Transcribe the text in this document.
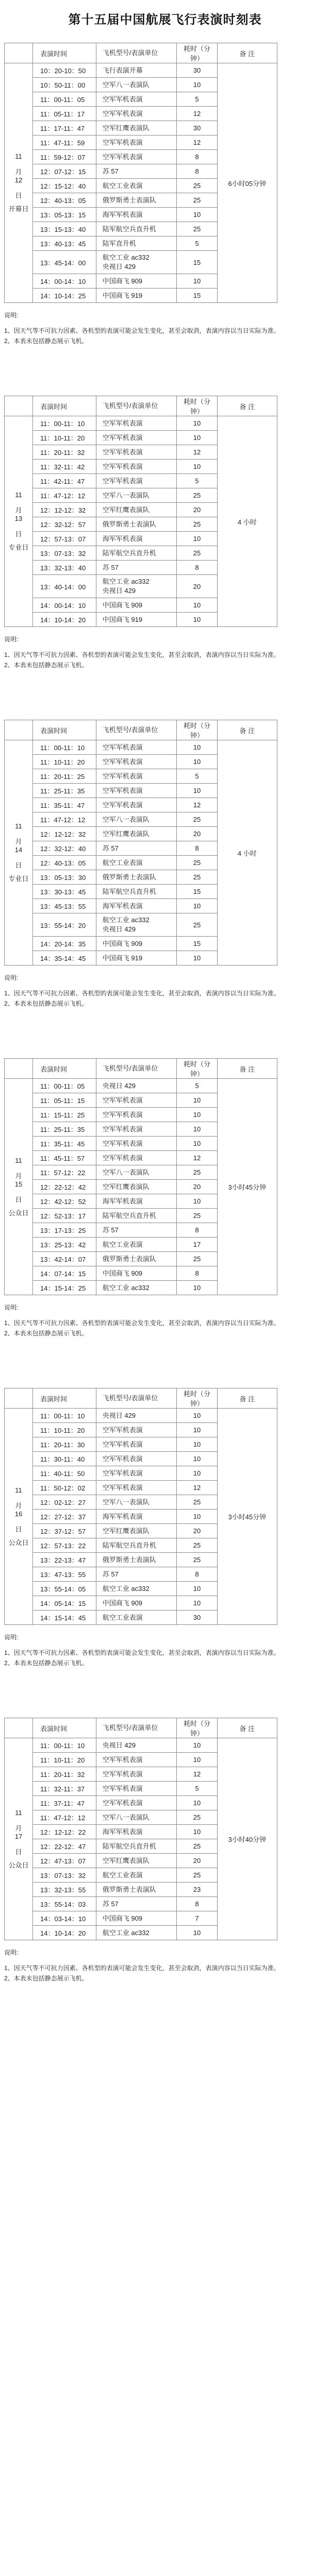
第十五届中国航展飞行表演时刻表
	表演时间	飞机型号/表演单位	耗时（分钟）	备 注

11
月
12
日
开幕日	10：20-10：50	飞行表演开幕	30	6小时05分钟
	10：50-11：00	空军八一表演队	10	
	11：00-11：05	空军军机表演	5	
	11：05-11：17	空军军机表演	12	
	11：17-11：47	空军红鹰表演队	30	
	11：47-11：59	空军军机表演	12	
	11：59-12：07	空军军机表演	8	
	12：07-12：15	苏 57	8	
	12：15-12：40	航空工业表演	25	
	12：40-13：05	俄罗斯勇士表演队	25	
	13：05-13：15	海军军机表演	10	
	13：15-13：40	陆军航空兵直升机	25	
	13：40-13：45	陆军直升机	5	
	13：45-14：00	航空工业 ac332
央视日 429	15	
	14：00-14：10	中国商飞 909	10	
	14：10-14：25	中国商飞 919	15	

说明:

1、因天气等不可抗力因素、各机型的表演可能会发生变化，甚至会取消，表演内容以当日实际为准。

2、本表未包括静态展示飞机。

	表演时间	飞机型号/表演单位	耗时（分钟）	备 注

11
月
13
日
专业日	11：00-11：10	空军军机表演	10	4 小时
	11：10-11：20	空军军机表演	10	
	11：20-11：32	空军军机表演	12	
	11：32-11：42	空军军机表演	10	
	11：42-11：47	空军军机表演	5	
	11：47-12：12	空军八一表演队	25	
	12：12-12：32	空军红鹰表演队	20	
	12：32-12：57	俄罗斯勇士表演队	25	
	12：57-13：07	海军军机表演	10	
	13：07-13：32	陆军航空兵直升机	25	
	13：32-13：40	苏 57	8	
	13：40-14：00	航空工业 ac332
央视日 429	20	
	14：00-14：10	中国商飞 909	10	
	14：10-14：20	中国商飞 919	10	

说明:

1、因天气等不可抗力因素、各机型的表演可能会发生变化，甚至会取消，表演内容以当日实际为准。

2、本表未包括静态展示飞机。

	表演时间	飞机型号/表演单位	耗时（分钟）	备 注

11
月
14
日
专业日	11：00-11：10	空军军机表演	10	4 小时
	11：10-11：20	空军军机表演	10	
	11：20-11：25	空军军机表演	5	
	11：25-11：35	空军军机表演	10	
	11：35-11：47	空军军机表演	12	
	11：47-12：12	空军八一表演队	25	
	12：12-12：32	空军红鹰表演队	20	
	12：32-12：40	苏 57	8	
	12：40-13：05	航空工业表演	25	
	13：05-13：30	俄罗斯勇士表演队	25	
	13：30-13：45	陆军航空兵直升机	15	
	13：45-13：55	海军军机表演	10	
	13：55-14：20	航空工业 ac332
央视日 429	25	
	14：20-14：35	中国商飞 909	15	
	14：35-14：45	中国商飞 919	10	

说明:

1、因天气等不可抗力因素、各机型的表演可能会发生变化，甚至会取消，表演内容以当日实际为准。

2、本表未包括静态展示飞机。

	表演时间	飞机型号/表演单位	耗时（分钟）	备 注

11
月
15
日
公众日	11：00-11：05	央视日 429	5	3小时45分钟
	11：05-11：15	空军军机表演	10	
	11：15-11：25	空军军机表演	10	
	11：25-11：35	空军军机表演	10	
	11：35-11：45	空军军机表演	10	
	11：45-11：57	空军军机表演	12	
	11：57-12：22	空军八一表演队	25	
	12：22-12：42	空军红鹰表演队	20	
	12：42-12：52	海军军机表演	10	
	12：52-13：17	陆军航空兵直升机	25	
	13：17-13：25	苏 57	8	
	13：25-13：42	航空工业表演	17	
	13：42-14：07	俄罗斯勇士表演队	25	
	14：07-14：15	中国商飞 909	8	
	14：15-14：25	航空工业 ac332	10	

说明:

1、因天气等不可抗力因素、各机型的表演可能会发生变化，甚至会取消，表演内容以当日实际为准。

2、本表未包括静态展示飞机。

	表演时间	飞机型号/表演单位	耗时（分钟）	备 注

11
月
16
日
公众日	11：00-11：10	央视日 429	10	3小时45分钟
	11：10-11：20	空军军机表演	10	
	11：20-11：30	空军军机表演	10	
	11：30-11：40	空军军机表演	10	
	11：40-11：50	空军军机表演	10	
	11：50-12：02	空军军机表演	12	
	12：02-12：27	空军八一表演队	25	
	12：27-12：37	海军军机表演	10	
	12：37-12：57	空军红鹰表演队	20	
	12：57-13：22	陆军航空兵直升机	25	
	13：22-13：47	俄罗斯勇士表演队	25	
	13：47-13：55	苏 57	8	
	13：55-14：05	航空工业 ac332	10	
	14：05-14：15	中国商飞 909	10	
	14：15-14：45	航空工业表演	30	

说明:

1、因天气等不可抗力因素、各机型的表演可能会发生变化，甚至会取消，表演内容以当日实际为准。

2、本表未包括静态展示飞机。

	表演时间	飞机型号/表演单位	耗时（分钟）	备 注

11
月
17
日
公众日	11：00-11：10	央视日 429	10	3小时40分钟
	11：10-11：20	空军军机表演	10	
	11：20-11：32	空军军机表演	12	
	11：32-11：37	空军军机表演	5	
	11：37-11：47	空军军机表演	10	
	11：47-12：12	空军八一表演队	25	
	12：12-12：22	海军军机表演	10	
	12：22-12：47	陆军航空兵直升机	25	
	12：47-13：07	空军红鹰表演队	20	
	13：07-13：32	航空工业表演	25	
	13：32-13：55	俄罗斯勇士表演队	23	
	13：55-14：03	苏 57	8	
	14：03-14：10	中国商飞 909	7	
	14：10-14：20	航空工业 ac332	10	

说明:

1、因天气等不可抗力因素、各机型的表演可能会发生变化，甚至会取消，表演内容以当日实际为准。

2、本表未包括静态展示飞机。
